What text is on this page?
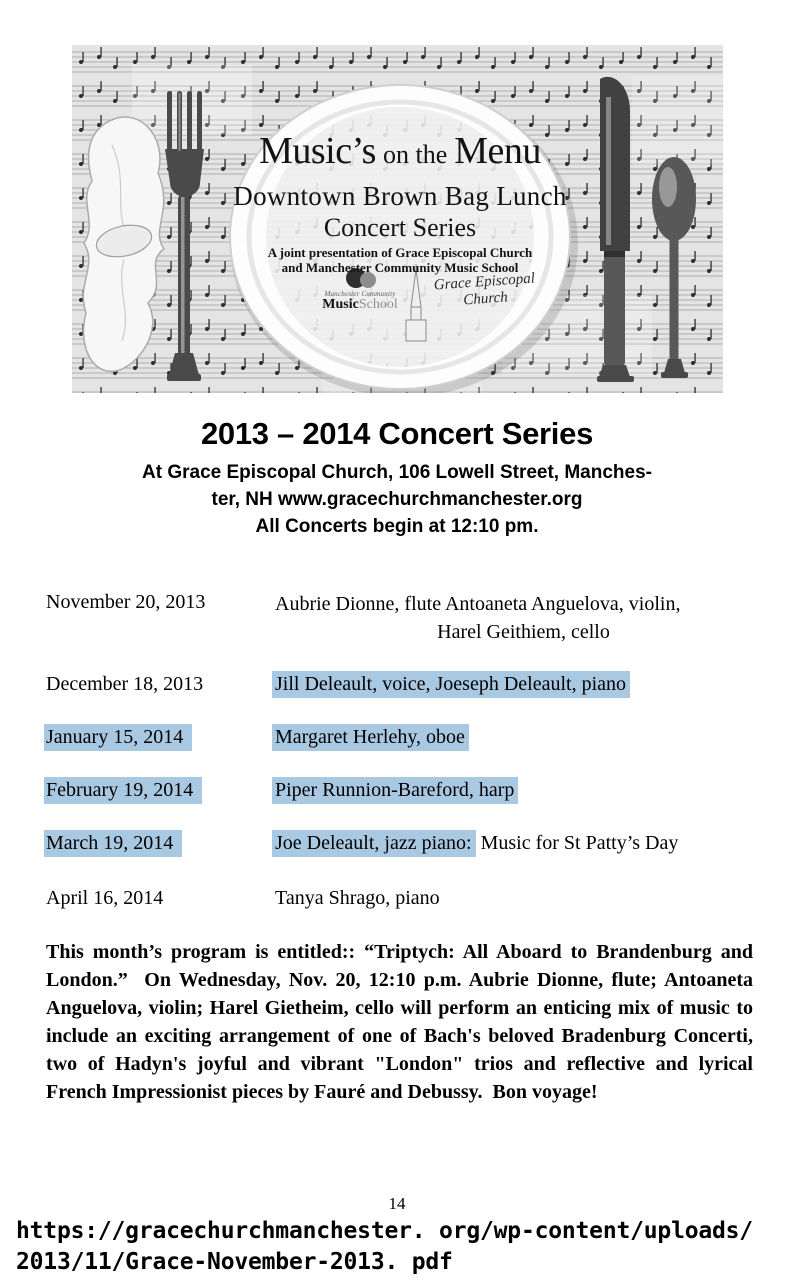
Music’s on the Menu
Downtown Brown Bag Lunch
Concert Series
A joint presentation of Grace Episcopal Church
and Manchester Community Music School
Manchester Community
MusicSchool
Grace Episcopal
Church
2013 – 2014 Concert Series
At Grace Episcopal Church, 106 Lowell Street, Manches-
ter, NH www.gracechurchmanchester.org
All Concerts begin at 12:10 pm.
November 20, 2013	Aubrie Dionne, flute Antoaneta Anguelova, violin,
Harel Geithiem, cello
December 18, 2013	Jill Deleault, voice, Joeseph Deleault, piano
January 15, 2014	Margaret Herlehy, oboe
February 19, 2014	Piper Runnion-Bareford, harp
March 19, 2014	Joe Deleault, jazz piano: Music for St Patty’s Day
April 16, 2014	Tanya Shrago, piano
This month’s program is entitled:: “Triptych: All Aboard to Brandenburg and London.”  On Wednesday, Nov. 20, 12:10 p.m. Aubrie Dionne, flute; Antoaneta Anguelova, violin; Harel Gietheim, cello will perform an enticing mix of music to include an exciting arrangement of one of Bach's beloved Bradenburg Concerti, two of Hadyn's joyful and vibrant "London" trios and reflective and lyrical French Impressionist pieces by Fauré and Debussy.  Bon voyage!
14
https://gracechurchmanchester. org/wp-content/uploads/
2013/11/Grace-November-2013. pdf
